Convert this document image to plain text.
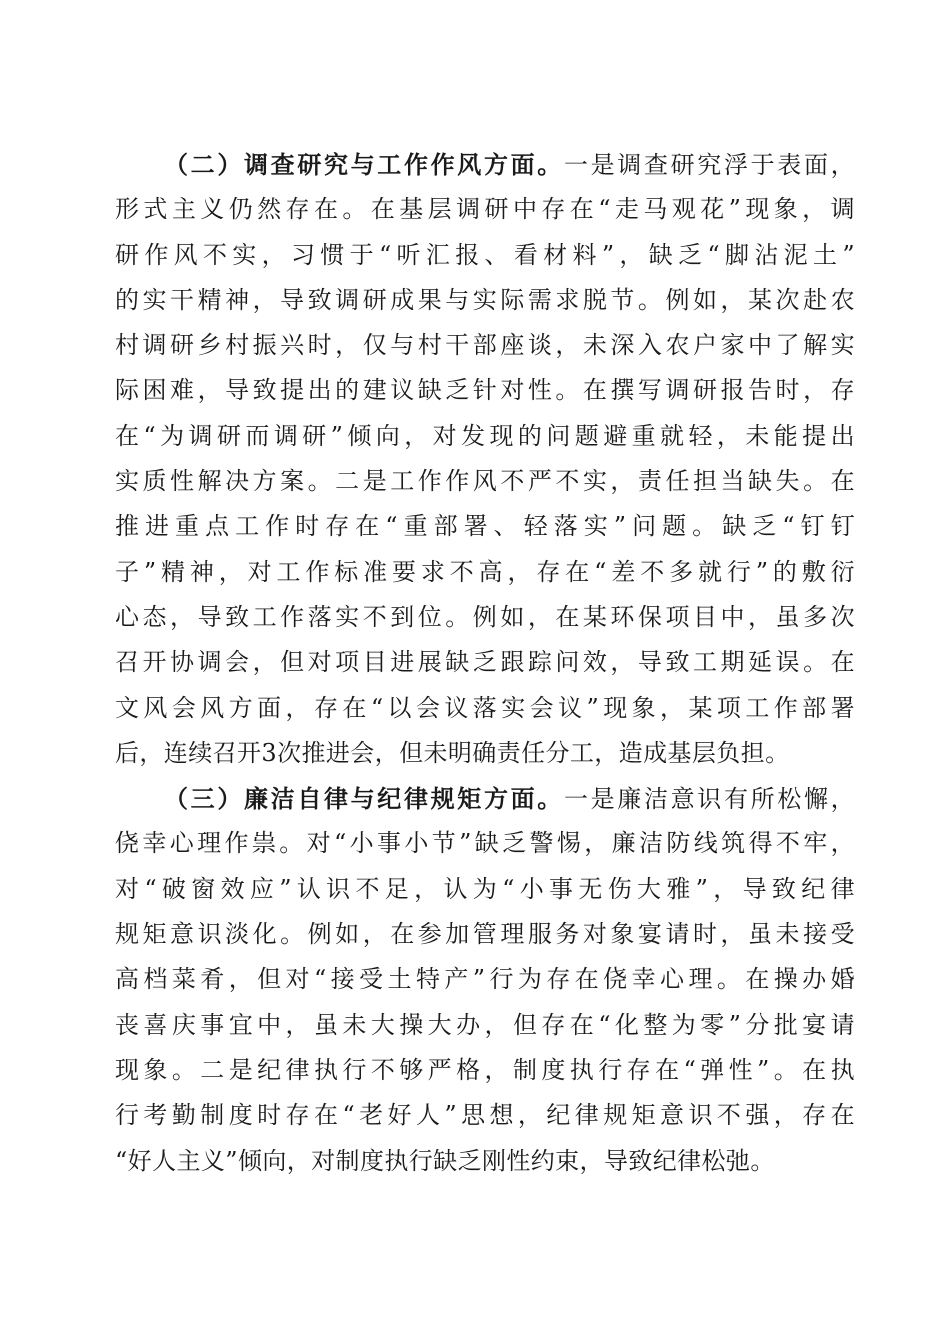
（二）调查研究与工作作风方面。一是调查研究浮于表面，
形式主义仍然存在。在基层调研中存在“走马观花”现象，调
研作风不实，习惯于“听汇报、看材料”，缺乏“脚沾泥土”
的实干精神，导致调研成果与实际需求脱节。例如，某次赴农
村调研乡村振兴时，仅与村干部座谈，未深入农户家中了解实
际困难，导致提出的建议缺乏针对性。在撰写调研报告时，存
在“为调研而调研”倾向，对发现的问题避重就轻，未能提出
实质性解决方案。二是工作作风不严不实，责任担当缺失。在
推进重点工作时存在“重部署、轻落实”问题。缺乏“钉钉
子”精神，对工作标准要求不高，存在“差不多就行”的敷衍
心态，导致工作落实不到位。例如，在某环保项目中，虽多次
召开协调会，但对项目进展缺乏跟踪问效，导致工期延误。在
文风会风方面，存在“以会议落实会议”现象，某项工作部署
后，连续召开3次推进会，但未明确责任分工，造成基层负担。
（三）廉洁自律与纪律规矩方面。一是廉洁意识有所松懈，
侥幸心理作祟。对“小事小节”缺乏警惕，廉洁防线筑得不牢，
对“破窗效应”认识不足，认为“小事无伤大雅”，导致纪律
规矩意识淡化。例如，在参加管理服务对象宴请时，虽未接受
高档菜肴，但对“接受土特产”行为存在侥幸心理。在操办婚
丧喜庆事宜中，虽未大操大办，但存在“化整为零”分批宴请
现象。二是纪律执行不够严格，制度执行存在“弹性”。在执
行考勤制度时存在“老好人”思想，纪律规矩意识不强，存在
“好人主义”倾向，对制度执行缺乏刚性约束，导致纪律松弛。
